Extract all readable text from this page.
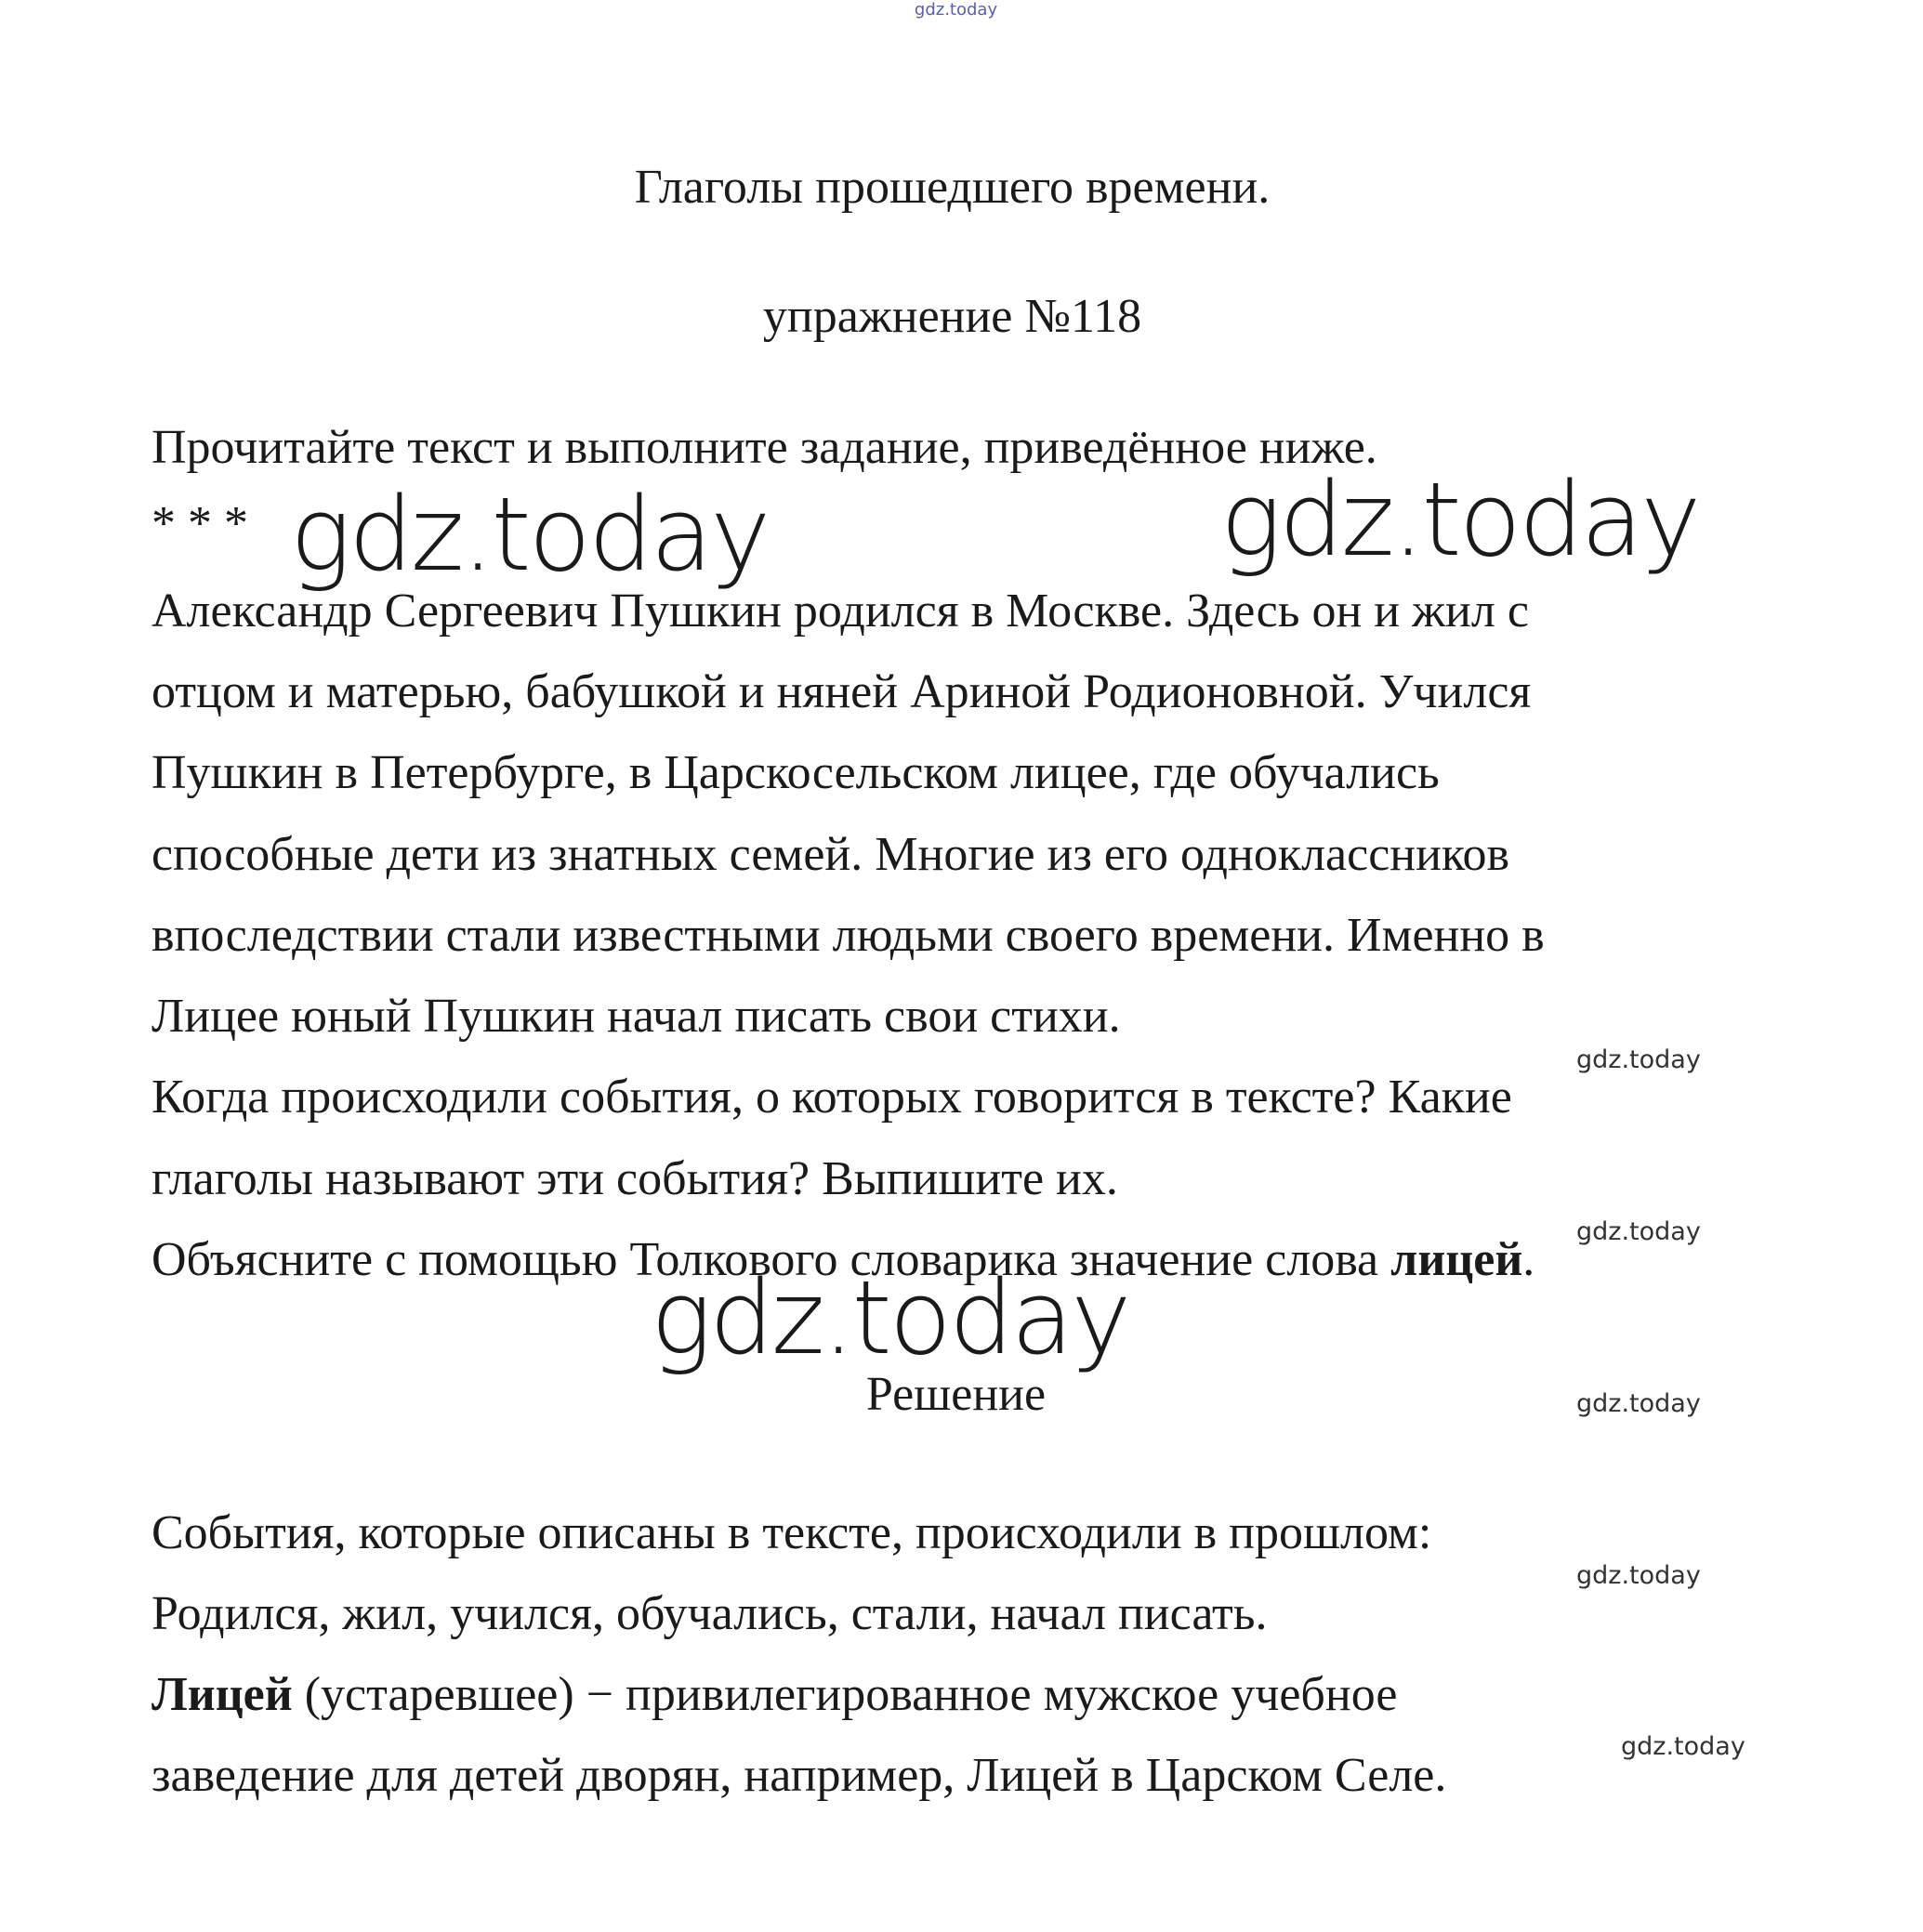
gdz.today
Глаголы прошедшего времени.
упражнение №118
Прочитайте текст и выполните задание, приведённое ниже.
* * * gdz.today	gdz.today
Александр Сергеевич Пушкин родился в Москве. Здесь он и жил с
отцом и матерью, бабушкой и няней Ариной Родионовной. Учился
Пушкин в Петербурге, в Царскосельском лицее, где обучались
способные дети из знатных семей. Многие из его одноклассников
впоследствии стали известными людьми своего времени. Именно в
Лицее юный Пушкин начал писать свои стихи.
gdz.today
Когда происходили события, о которых говорится в тексте? Какие
глаголы называют эти события? Выпишите их.
gdz.today
Объясните с помощью Толкового словарика значение слова лицей.
gdz.today
Решение	gdz.today
События, которые описаны в тексте, происходили в прошлом:
gdz.today
Родился, жил, учился, обучались, стали, начал писать.
Лицей (устаревшее) − привилегированное мужское учебное
gdz.today
заведение для детей дворян, например, Лицей в Царском Селе.
